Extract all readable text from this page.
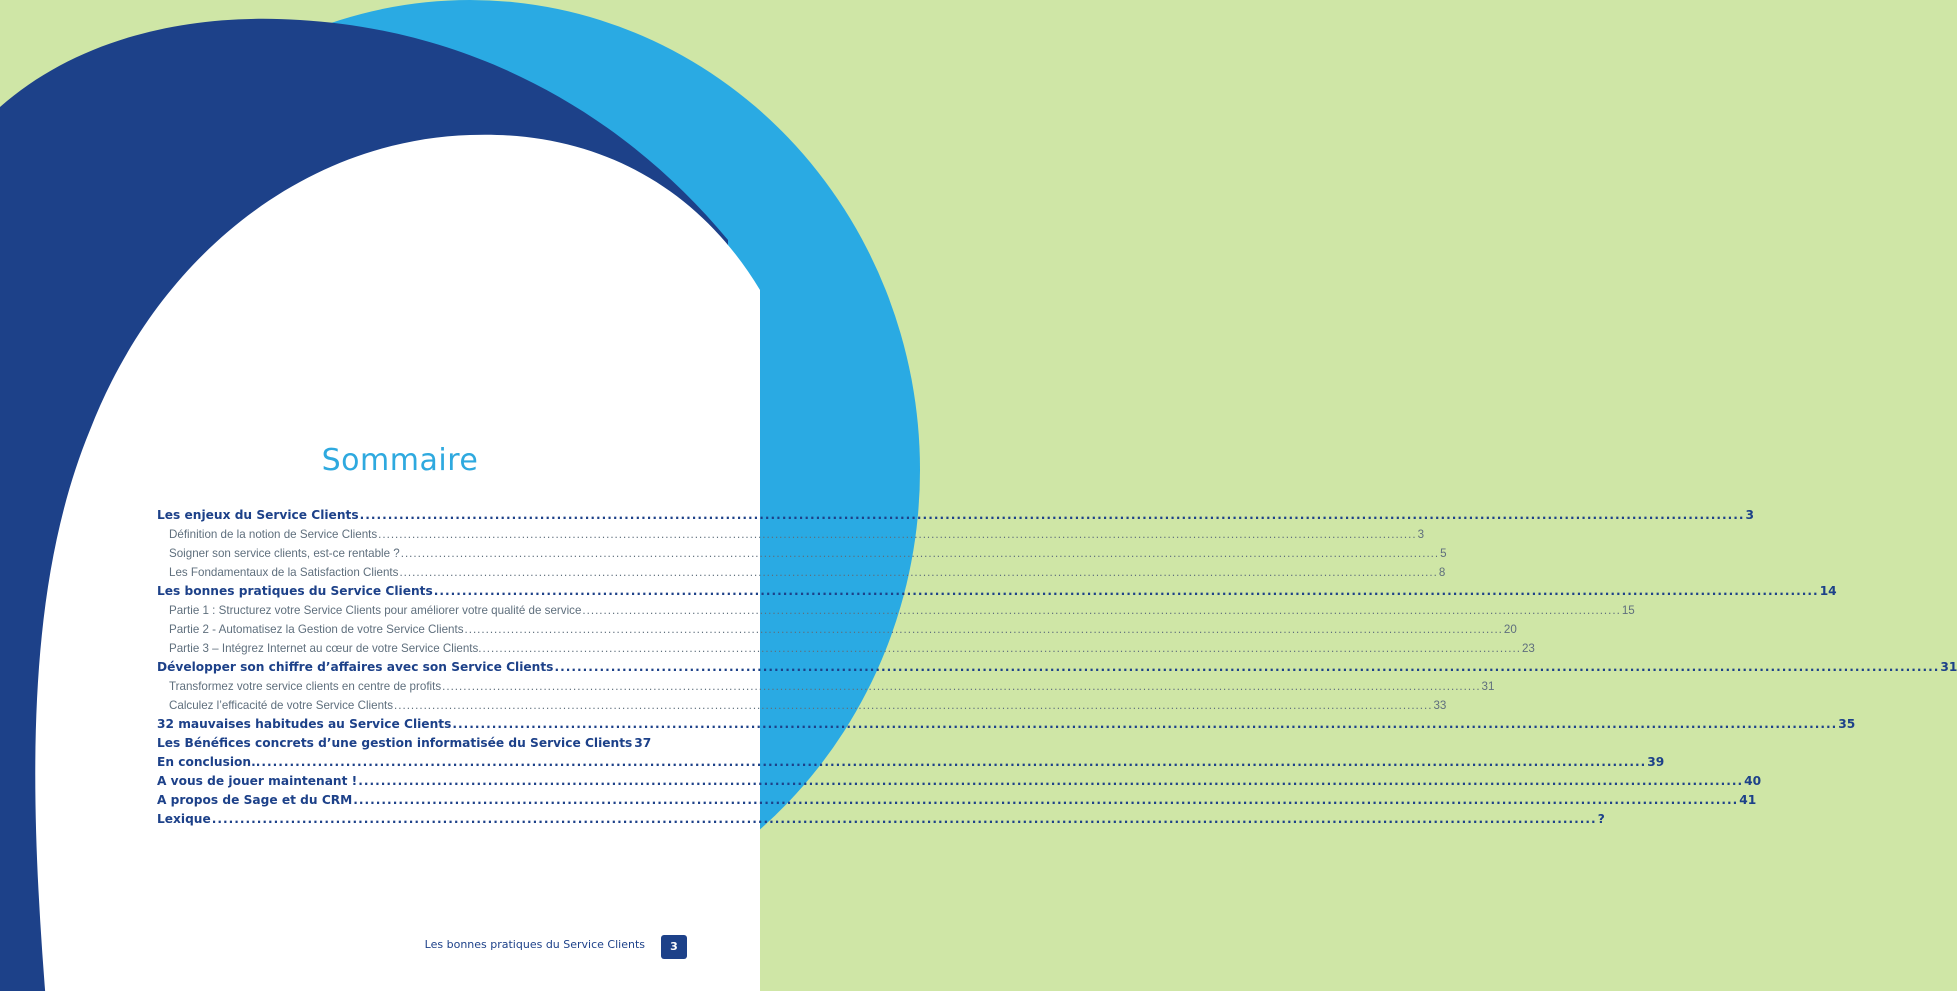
Sommaire
Les enjeux du Service Clients .....	3
Définition de la notion de Service Clients .....	3
Soigner son service clients, est-ce rentable ? .....	5
Les Fondamentaux de la Satisfaction Clients .....	8
Les bonnes pratiques du Service Clients .....	14
Partie 1 : Structurez votre Service Clients pour améliorer votre qualité de service .....	15
Partie 2 - Automatisez la Gestion de votre Service Clients .....	20
Partie 3 – Intégrez Internet au cœur de votre Service Clients. .....	23
Développer son chiffre d’affaires avec son Service Clients .....	31
Transformez votre service clients en centre de profits .....	31
Calculez l’efficacité de votre Service Clients .....	33
32 mauvaises habitudes au Service Clients .....	35
Les Bénéfices concrets d’une gestion informatisée du Service Clients 37
En conclusion.. .....	39
A vous de jouer maintenant ! .....	40
A propos de Sage et du CRM .....	41
Lexique .....	?
Les bonnes pratiques du Service Clients	3
